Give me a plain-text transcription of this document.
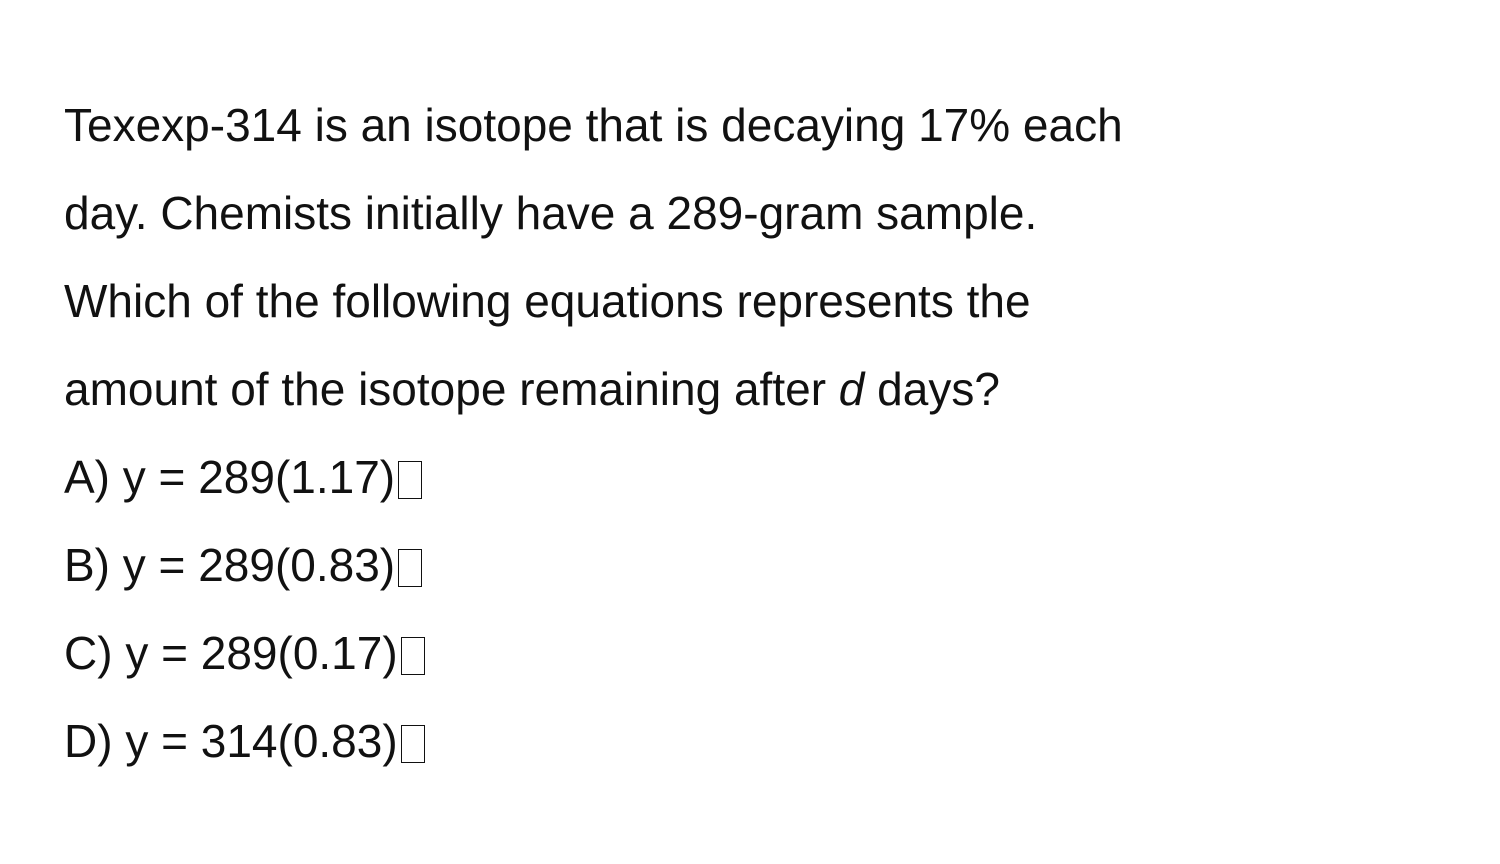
Texexp-314 is an isotope that is decaying 17% each
day. Chemists initially have a 289-gram sample.
Which of the following equations represents the
amount of the isotope remaining after d days?
A) y = 289(1.17)
B) y = 289(0.83)
C) y = 289(0.17)
D) y = 314(0.83)
